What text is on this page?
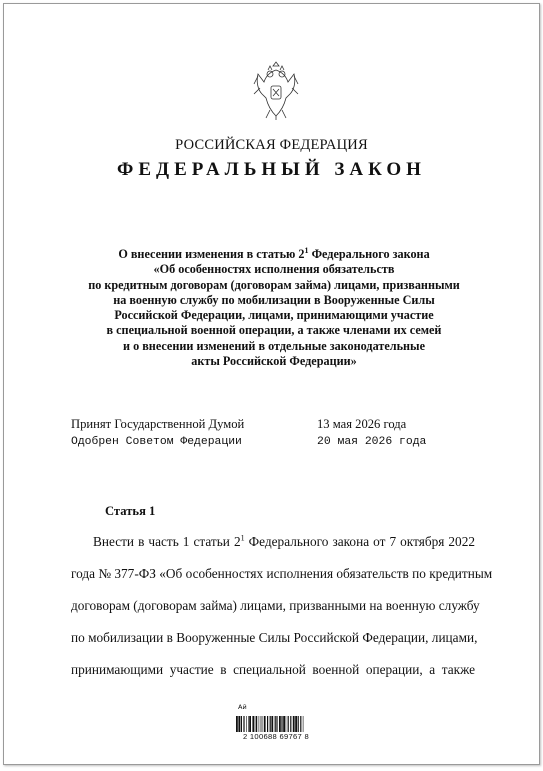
РОССИЙСКАЯ ФЕДЕРАЦИЯ
ФЕДЕРАЛЬНЫЙ ЗАКОН
О внесении изменения в статью $2^1$ Федерального закона
«Об особенностях исполнения обязательств
по кредитным договорам (договорам займа) лицами, призванными
на военную службу по мобилизации в Вооруженные Силы
Российской Федерации, лицами, принимающими участие
в специальной военной операции, а также членами их семей
и о внесении изменений в отдельные законодательные
акты Российской Федерации»
Принят Государственной Думой	13 мая 2026 года
Одобрен Советом Федерации	20 мая 2026 года
Статья 1
Внести в часть 1 статьи $2^1$ Федерального закона от 7 октября 2022
года № 377-ФЗ «Об особенностях исполнения обязательств по кредитным
договорам (договорам займа) лицами, призванными на военную службу
по мобилизации в Вооруженные Силы Российской Федерации, лицами,
принимающими участие в специальной военной операции, а также
Ай
2 100688 69767 8
